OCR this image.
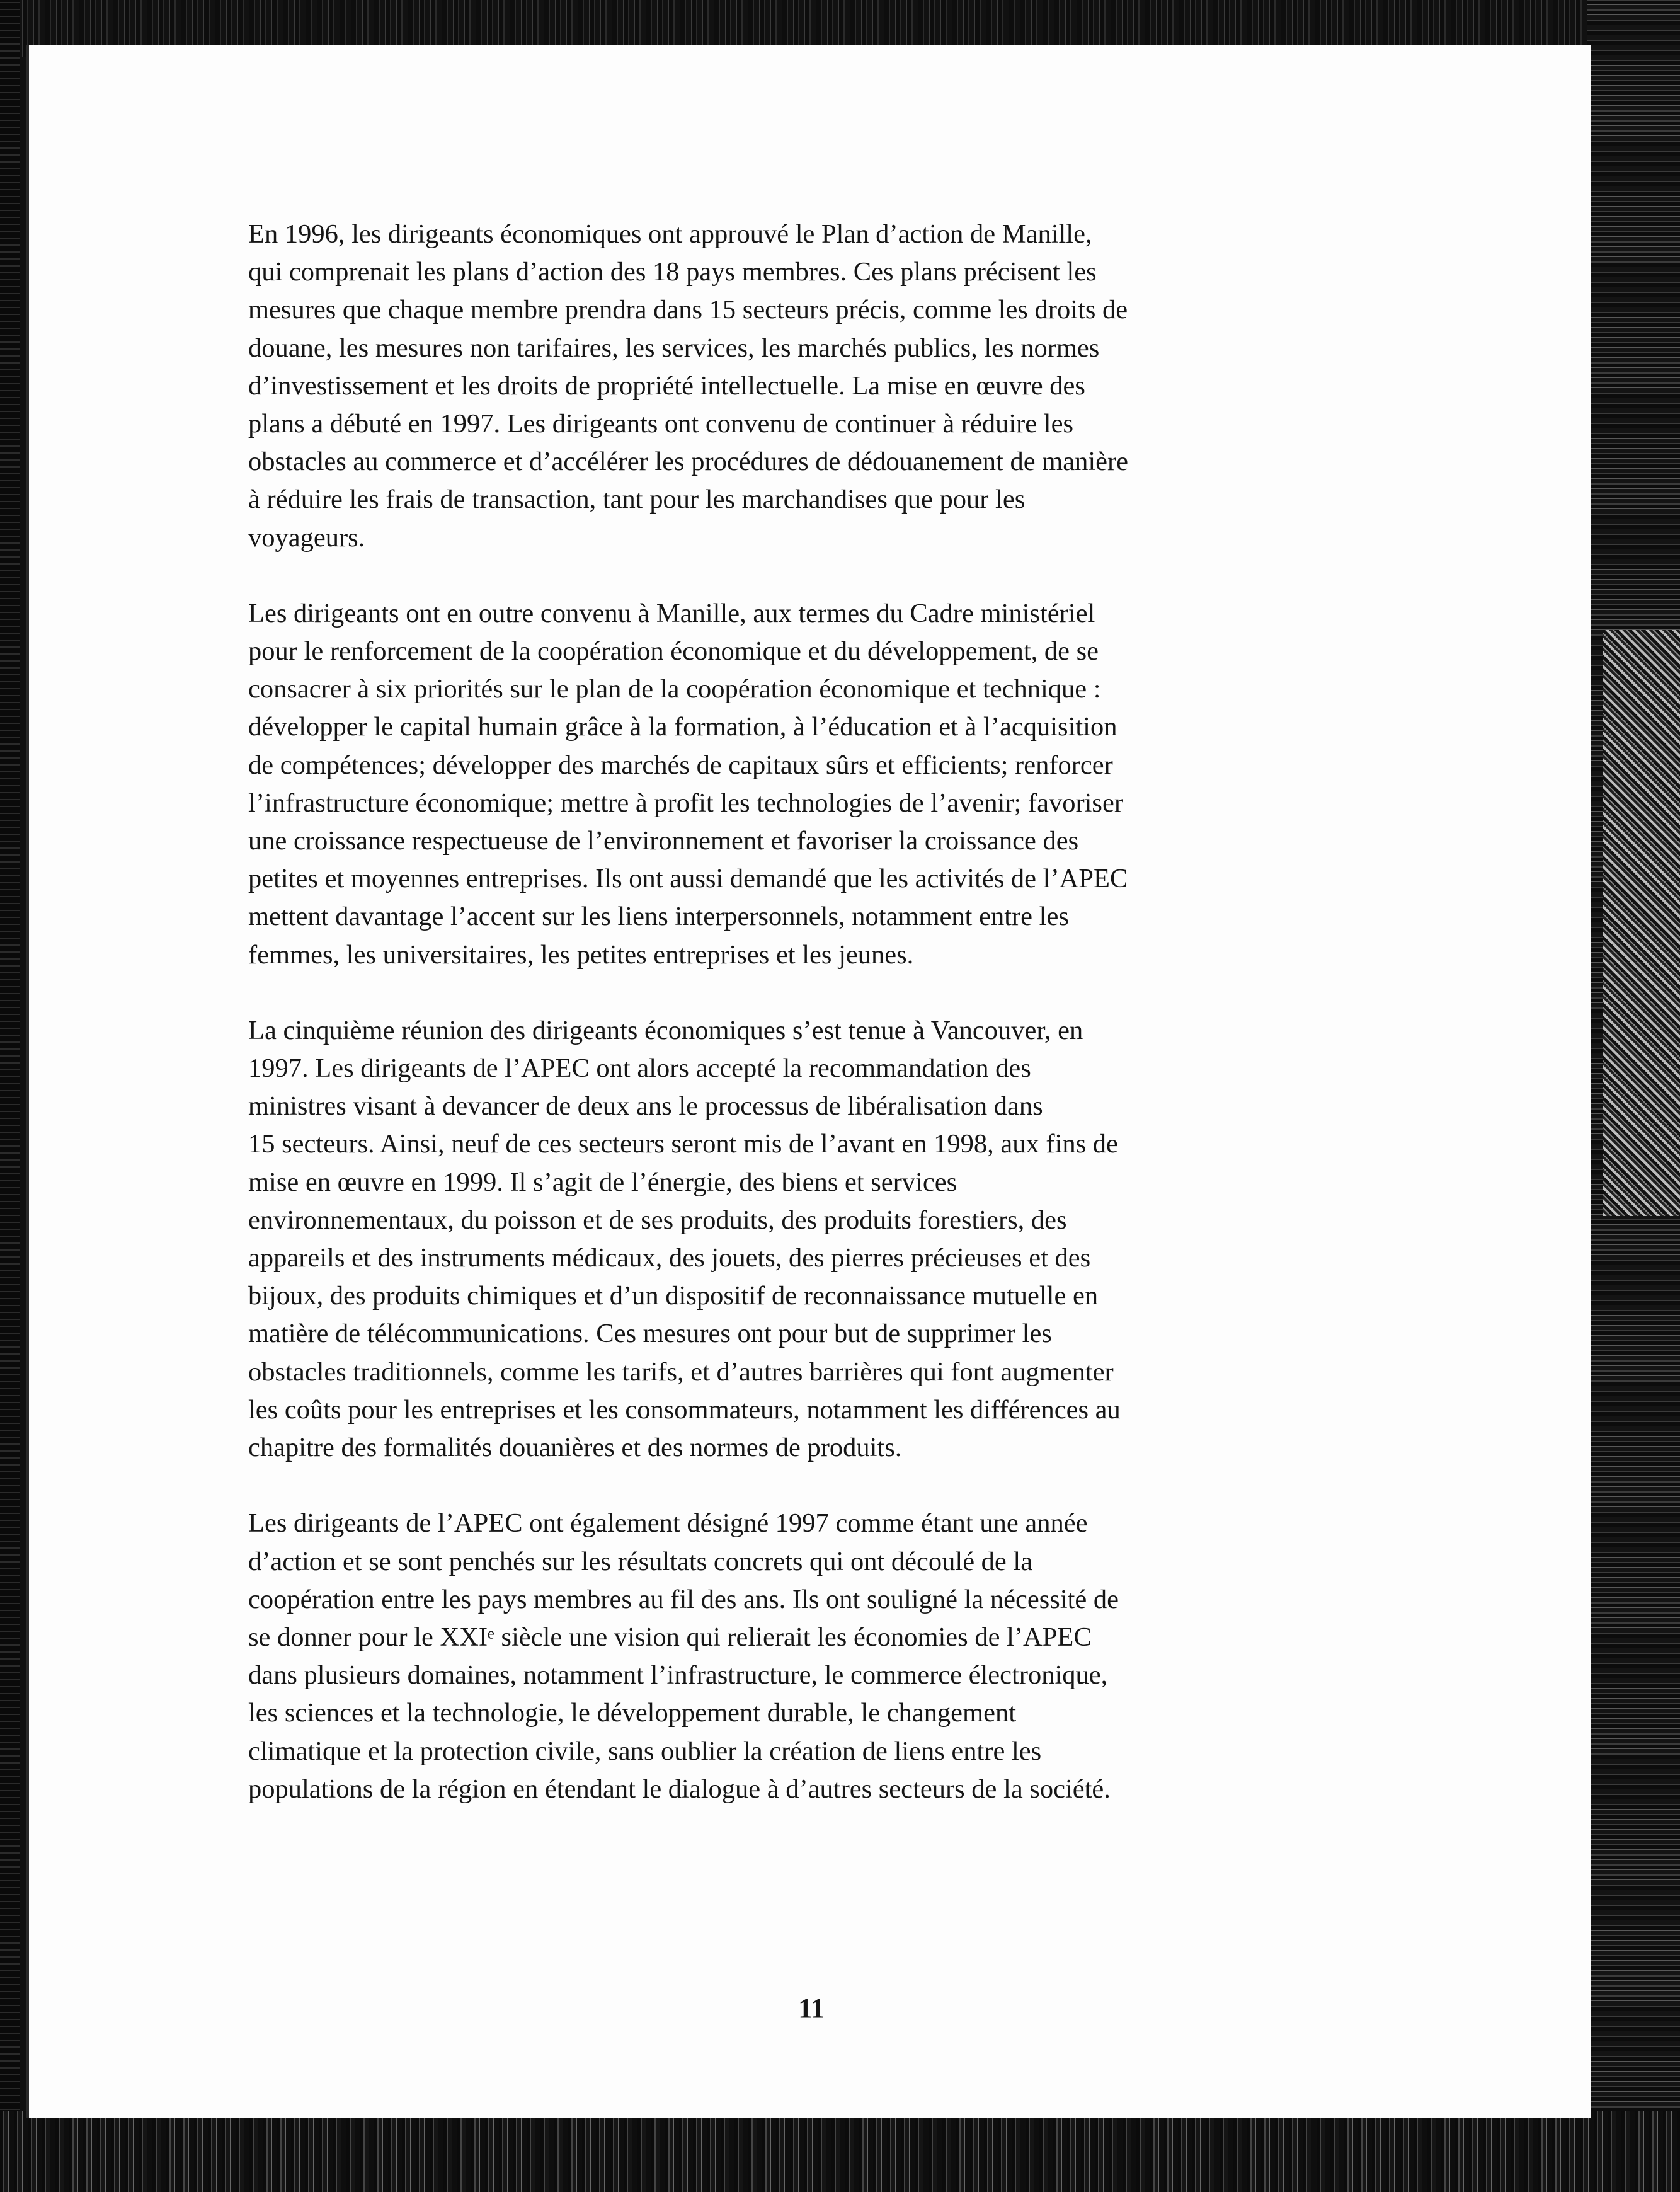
En 1996, les dirigeants économiques ont approuvé le Plan d’action de Manille,
qui comprenait les plans d’action des 18 pays membres. Ces plans précisent les
mesures que chaque membre prendra dans 15 secteurs précis, comme les droits de
douane, les mesures non tarifaires, les services, les marchés publics, les normes
d’investissement et les droits de propriété intellectuelle. La mise en œuvre des
plans a débuté en 1997. Les dirigeants ont convenu de continuer à réduire les
obstacles au commerce et d’accélérer les procédures de dédouanement de manière
à réduire les frais de transaction, tant pour les marchandises que pour les
voyageurs.

Les dirigeants ont en outre convenu à Manille, aux termes du Cadre ministériel
pour le renforcement de la coopération économique et du développement, de se
consacrer à six priorités sur le plan de la coopération économique et technique :
développer le capital humain grâce à la formation, à l’éducation et à l’acquisition
de compétences; développer des marchés de capitaux sûrs et efficients; renforcer
l’infrastructure économique; mettre à profit les technologies de l’avenir; favoriser
une croissance respectueuse de l’environnement et favoriser la croissance des
petites et moyennes entreprises. Ils ont aussi demandé que les activités de l’APEC
mettent davantage l’accent sur les liens interpersonnels, notamment entre les
femmes, les universitaires, les petites entreprises et les jeunes.

La cinquième réunion des dirigeants économiques s’est tenue à Vancouver, en
1997. Les dirigeants de l’APEC ont alors accepté la recommandation des
ministres visant à devancer de deux ans le processus de libéralisation dans
15 secteurs. Ainsi, neuf de ces secteurs seront mis de l’avant en 1998, aux fins de
mise en œuvre en 1999. Il s’agit de l’énergie, des biens et services
environnementaux, du poisson et de ses produits, des produits forestiers, des
appareils et des instruments médicaux, des jouets, des pierres précieuses et des
bijoux, des produits chimiques et d’un dispositif de reconnaissance mutuelle en
matière de télécommunications. Ces mesures ont pour but de supprimer les
obstacles traditionnels, comme les tarifs, et d’autres barrières qui font augmenter
les coûts pour les entreprises et les consommateurs, notamment les différences au
chapitre des formalités douanières et des normes de produits.

Les dirigeants de l’APEC ont également désigné 1997 comme étant une année
d’action et se sont penchés sur les résultats concrets qui ont découlé de la
coopération entre les pays membres au fil des ans. Ils ont souligné la nécessité de
se donner pour le XXIᵉ siècle une vision qui relierait les économies de l’APEC
dans plusieurs domaines, notamment l’infrastructure, le commerce électronique,
les sciences et la technologie, le développement durable, le changement
climatique et la protection civile, sans oublier la création de liens entre les
populations de la région en étendant le dialogue à d’autres secteurs de la société.

11
